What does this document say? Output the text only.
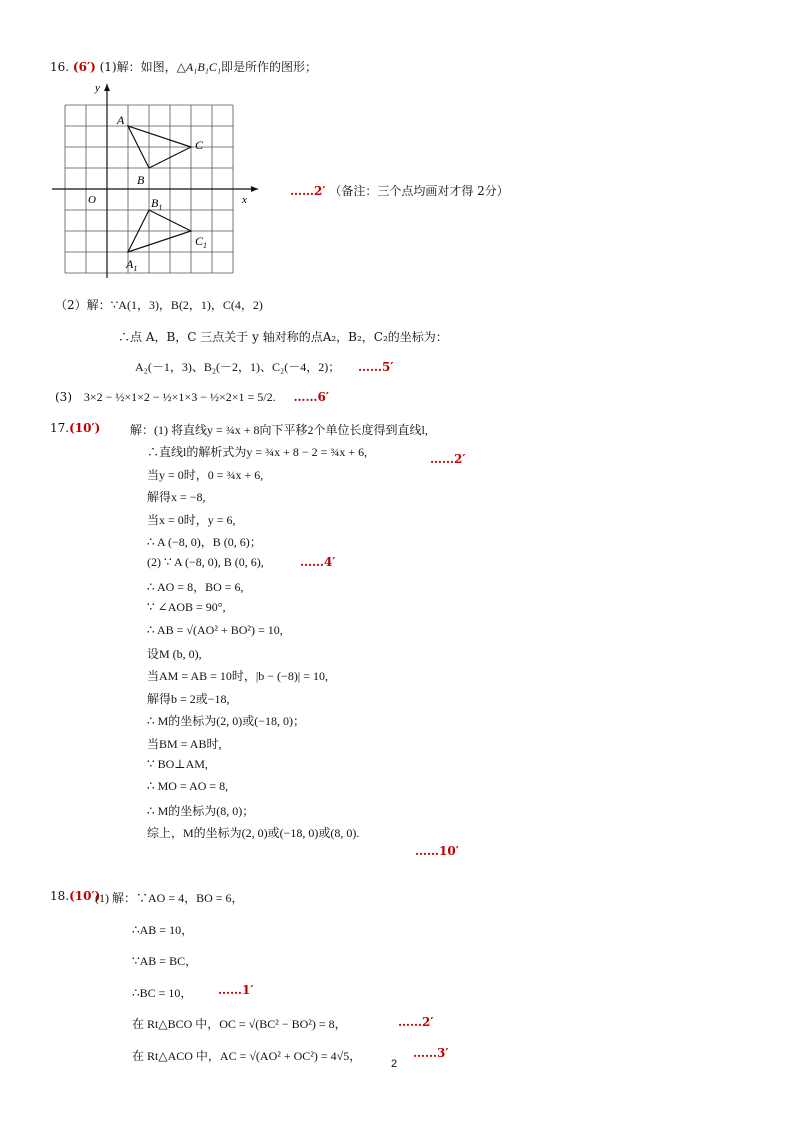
16. (6′) (1)解：如图，△A₁B₁C₁即是所作的图形；
x
y
O
A
B
C
$B_1$
$C_1$
$A_1$
……2′ （备注：三个点均画对才得 2分）
（2）解：∵A(1，3)，B(2，1)，C(4，2)
∴点 A，B，C 三点关于 y 轴对称的点A₂，B₂，C₂的坐标为：
A₂(－1，3)、B₂(－2，1)、C₂(－4，2)； ……5′
(3) 3×2 − ½×1×2 − ½×1×3 − ½×2×1 = 5/2. ……6′
17.(10′) 解：(1) 将直线y = ¾x + 8向下平移2个单位长度得到直线l,
∴直线l的解析式为y = ¾x + 8 − 2 = ¾x + 6,
当y = 0时，0 = ¾x + 6,
解得x = −8,
当x = 0时，y = 6,
∴ A (−8, 0)，B (0, 6)；
(2) ∵ A (−8, 0), B (0, 6),
∴ AO = 8，BO = 6,
∵ ∠AOB = 90°,
∴ AB = √(AO² + BO²) = 10,
设M (b, 0),
当AM = AB = 10时，|b − (−8)| = 10,
解得b = 2或−18,
∴ M的坐标为(2, 0)或(−18, 0)；
当BM = AB时,
∵ BO⊥AM,
∴ MO = AO = 8,
∴ M的坐标为(8, 0)；
综上，M的坐标为(2, 0)或(−18, 0)或(8, 0).
……2′
……4′
……10′
18.(10′)
(1) 解：∵AO = 4，BO = 6，
∴AB = 10，
∵AB = BC，
∴BC = 10，
在 Rt△BCO 中，OC = √(BC² − BO²) = 8，
在 Rt△ACO 中，AC = √(AO² + OC²) = 4√5，
……1′
……2′
……3′
2
